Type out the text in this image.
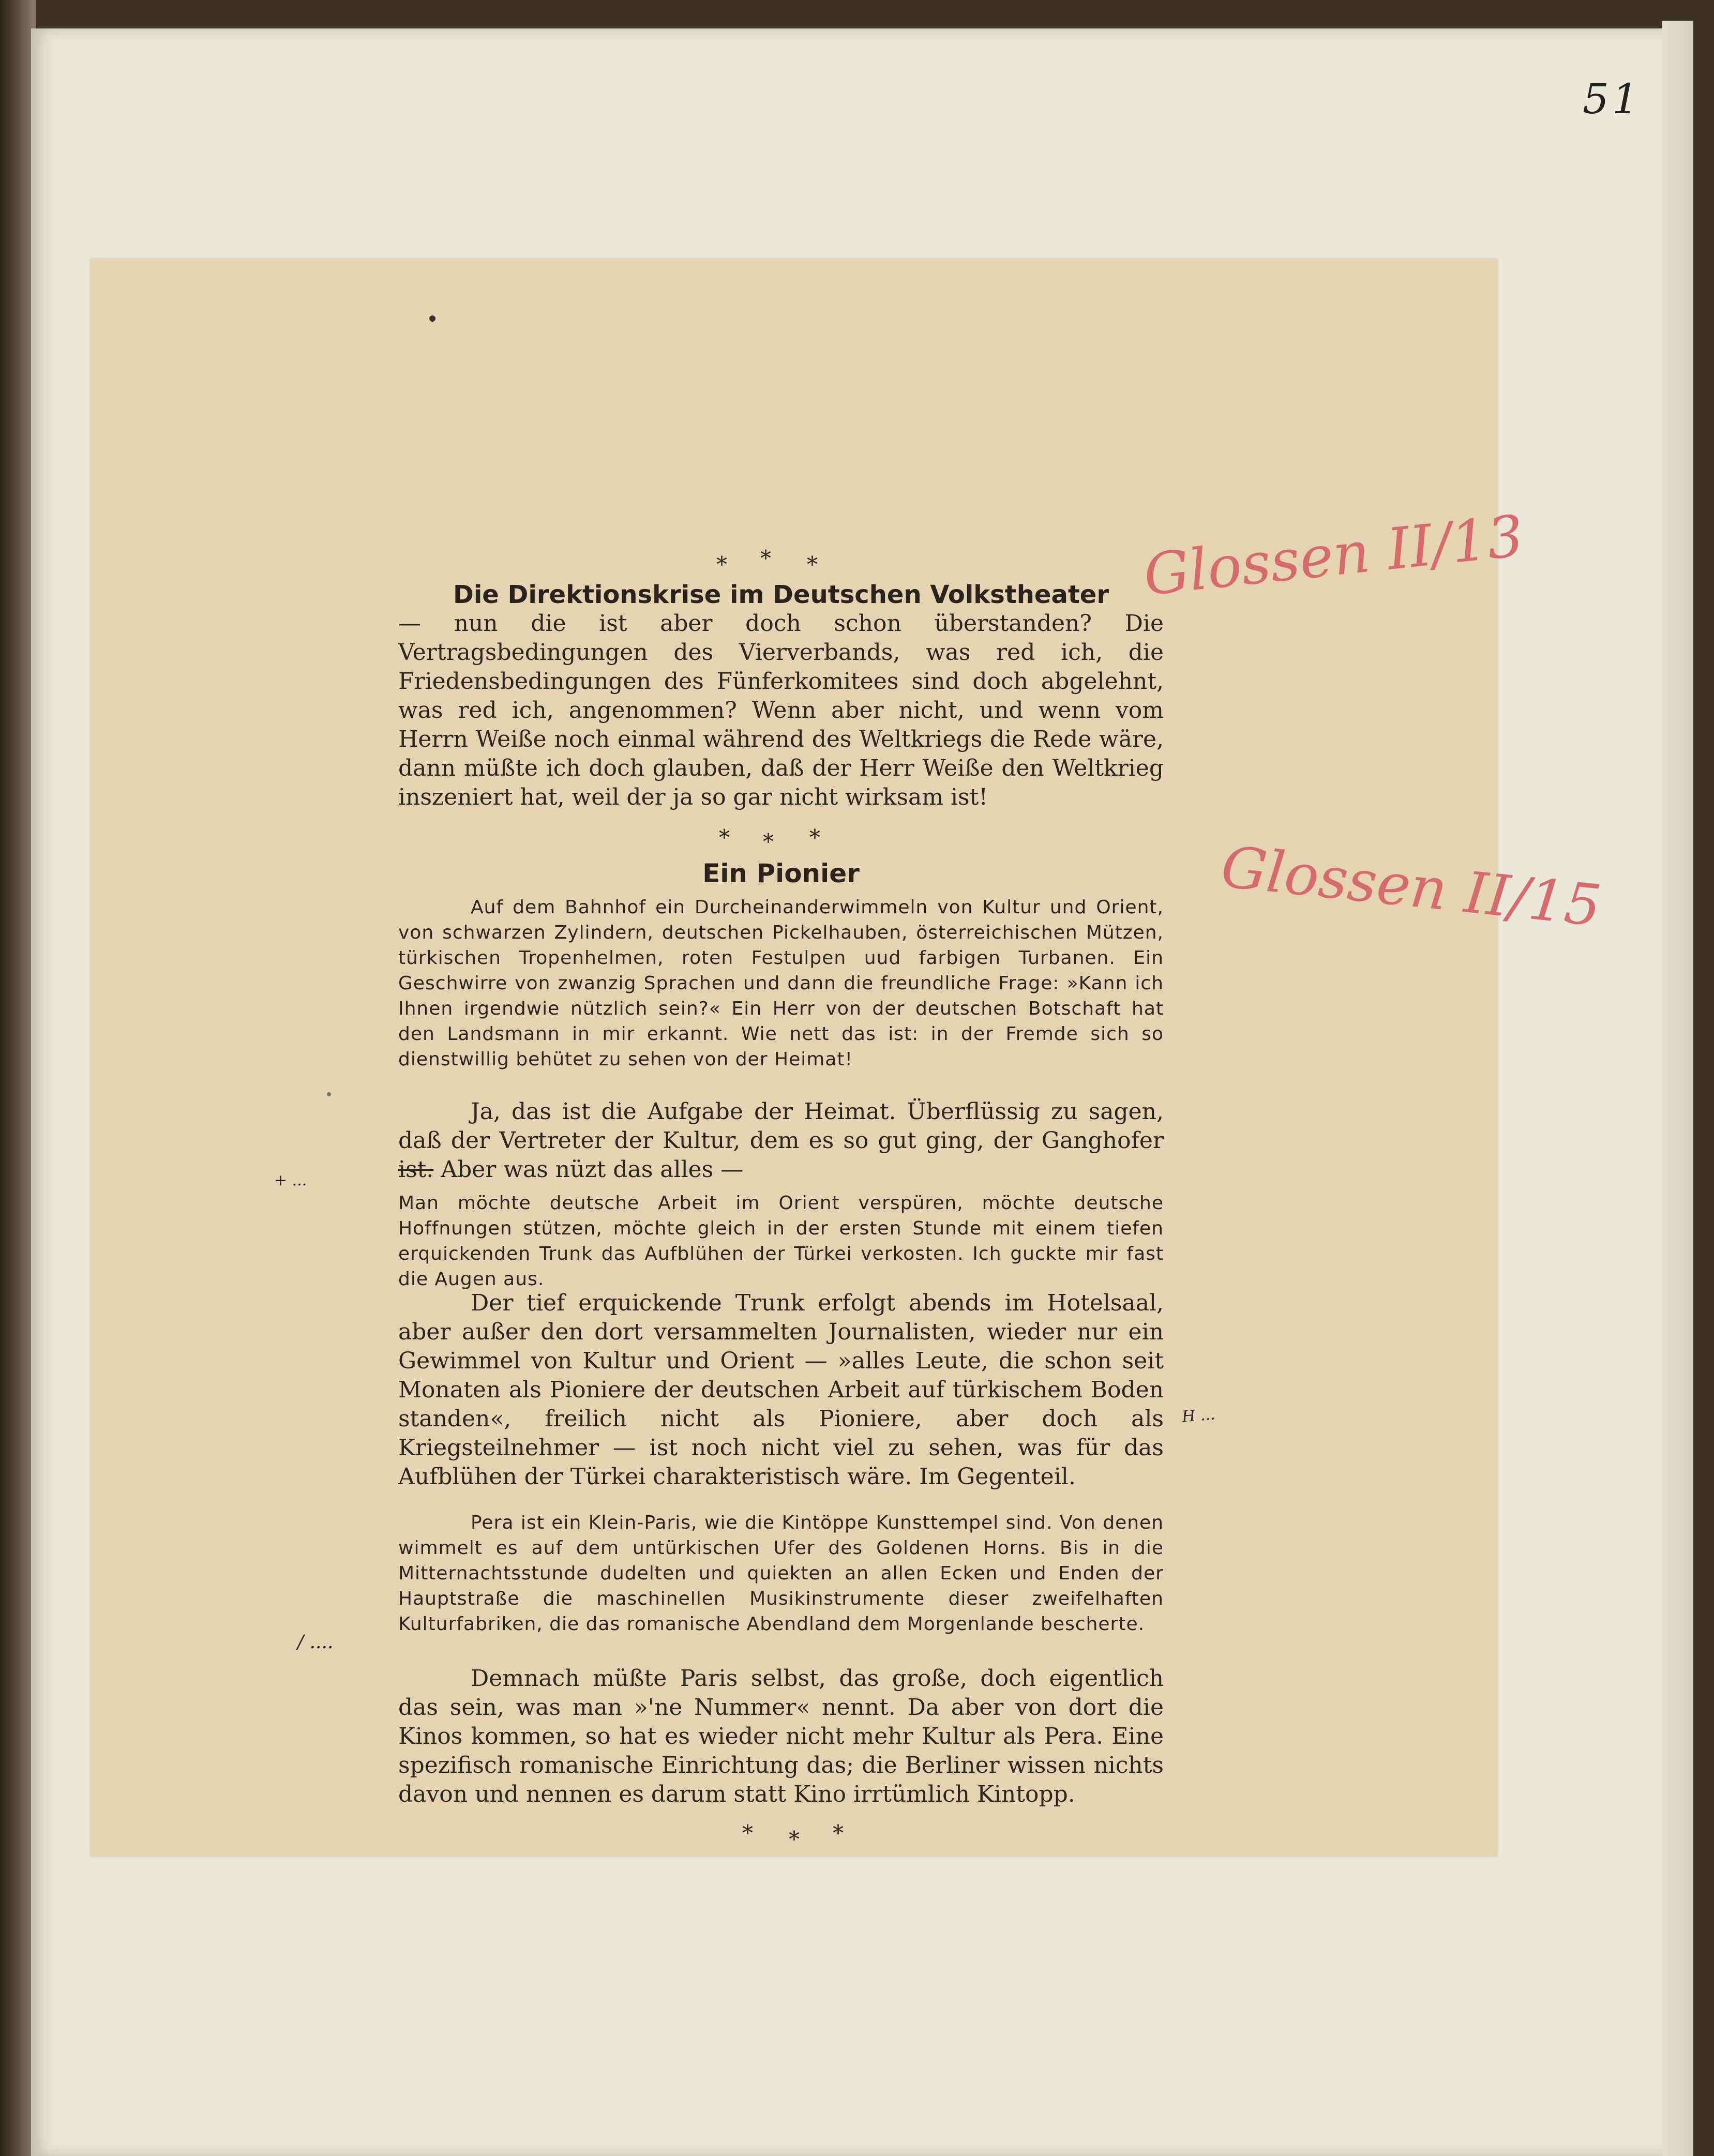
51
* * *
Die Direktionskrise im Deutschen Volkstheater
— nun die ist aber doch schon überstanden? Die Vertragsbedingungen des Vierverbands, was red ich, die Friedensbedingungen des Fünferkomitees sind doch abgelehnt, was red ich, angenommen? Wenn aber nicht, und wenn vom Herrn Weiße noch einmal während des Weltkriegs die Rede wäre, dann müßte ich doch glauben, daß der Herr Weiße den Weltkrieg inszeniert hat, weil der ja so gar nicht wirksam ist!
* * *
Ein Pionier
Auf dem Bahnhof ein Durcheinanderwimmeln von Kultur und Orient, von schwarzen Zylindern, deutschen Pickelhauben, österreichischen Mützen, türkischen Tropenhelmen, roten Festulpen uud farbigen Turbanen. Ein Geschwirre von zwanzig Sprachen und dann die freundliche Frage: »Kann ich Ihnen irgendwie nützlich sein?« Ein Herr von der deutschen Botschaft hat den Landsmann in mir erkannt. Wie nett das ist: in der Fremde sich so dienstwillig behütet zu sehen von der Heimat!
Ja, das ist die Aufgabe der Heimat. Überflüssig zu sagen, daß der Vertreter der Kultur, dem es so gut ging, der Ganghofer ist. Aber was nüzt das alles —
Man möchte deutsche Arbeit im Orient verspüren, möchte deutsche Hoffnungen stützen, möchte gleich in der ersten Stunde mit einem tiefen erquickenden Trunk das Aufblühen der Türkei verkosten. Ich guckte mir fast die Augen aus.
Der tief erquickende Trunk erfolgt abends im Hotelsaal, aber außer den dort versammelten Journalisten, wieder nur ein Gewimmel von Kultur und Orient — »alles Leute, die schon seit Monaten als Pioniere der deutschen Arbeit auf türkischem Boden standen«, freilich nicht als Pioniere, aber doch als Kriegsteilnehmer — ist noch nicht viel zu sehen, was für das Aufblühen der Türkei charakteristisch wäre. Im Gegenteil.
Pera ist ein Klein-Paris, wie die Kintöppe Kunsttempel sind. Von denen wimmelt es auf dem untürkischen Ufer des Goldenen Horns. Bis in die Mitternachtsstunde dudelten und quiekten an allen Ecken und Enden der Hauptstraße die maschinellen Musikinstrumente dieser zweifelhaften Kulturfabriken, die das romanische Abendland dem Morgenlande bescherte.
Demnach müßte Paris selbst, das große, doch eigentlich das sein, was man »'ne Nummer« nennt. Da aber von dort die Kinos kommen, so hat es wieder nicht mehr Kultur als Pera. Eine spezifisch romanische Einrichtung das; die Berliner wissen nichts davon und nennen es darum statt Kino irrtümlich Kintopp.
* * *
Glossen II/13
Glossen II/15
+ ...
H ...
/ ....
